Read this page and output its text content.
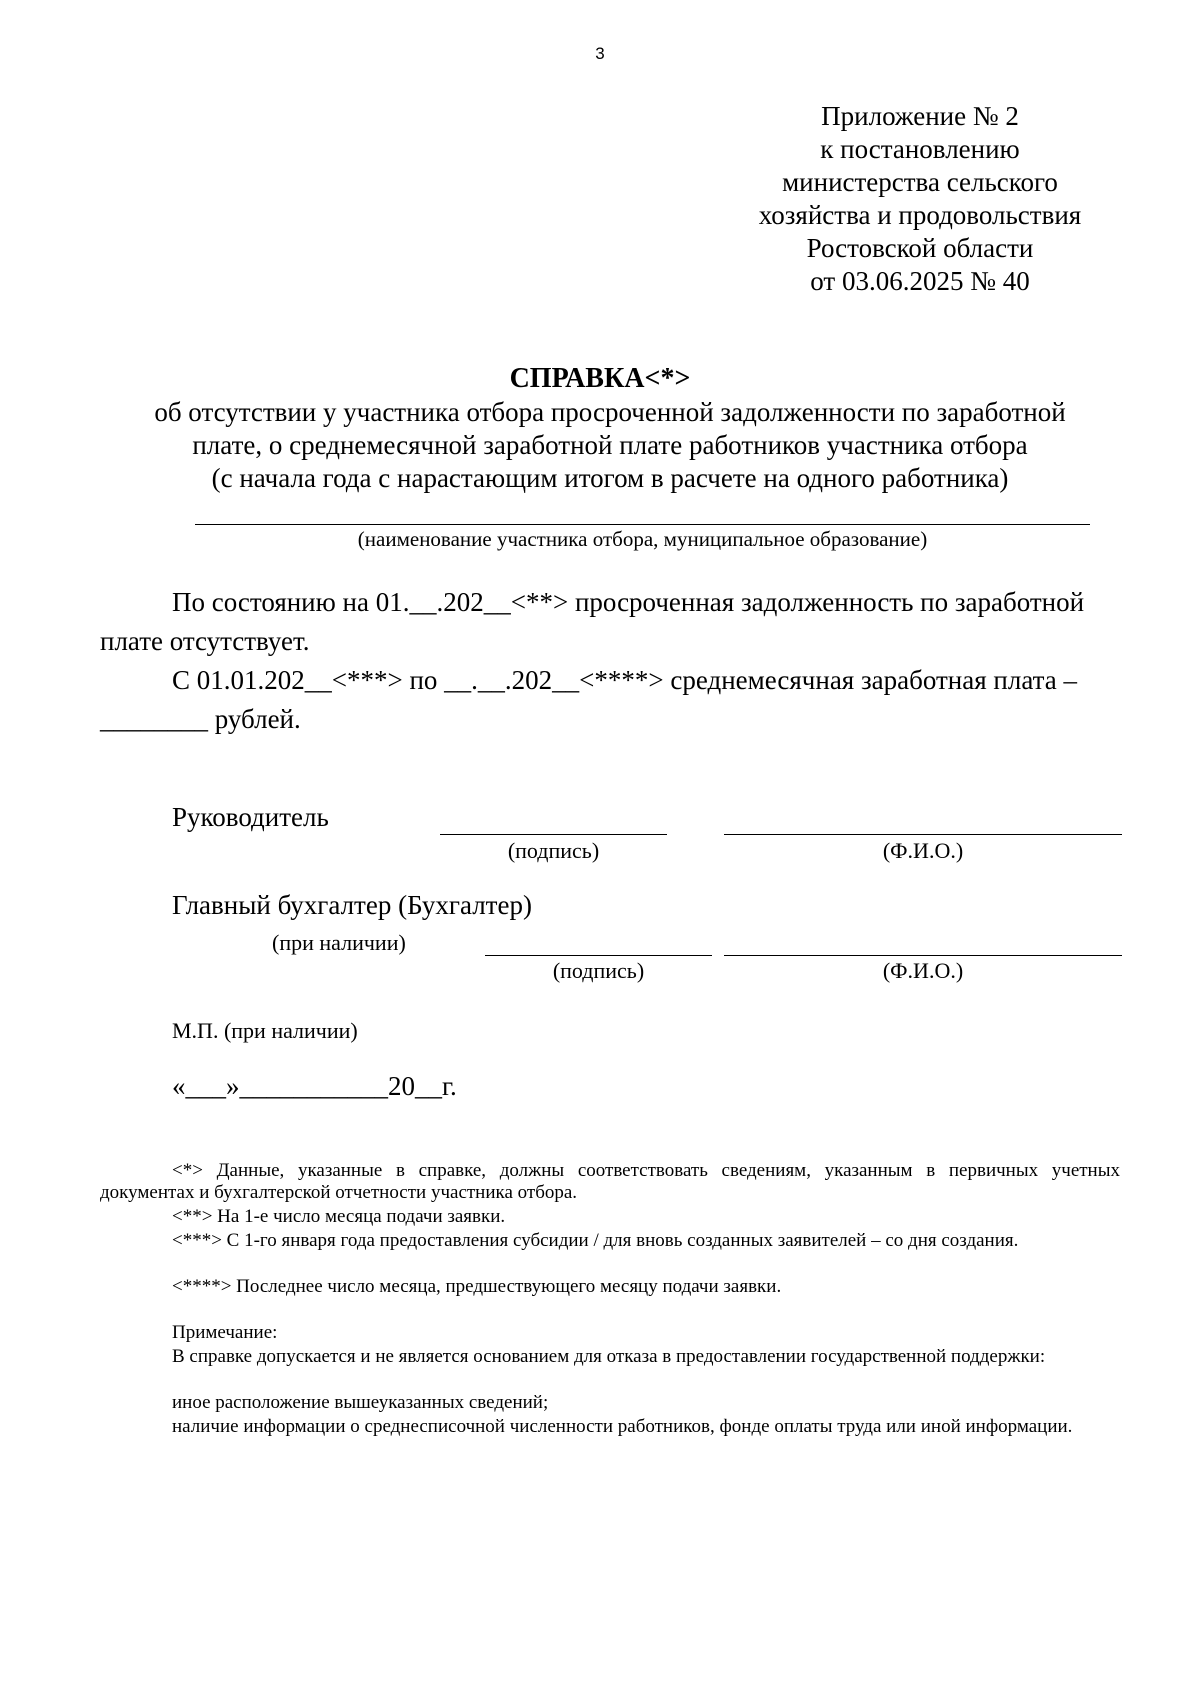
3
Приложение № 2
к постановлению
министерства сельского
хозяйства и продовольствия
Ростовской области
от 03.06.2025 № 40
СПРАВКА<*>
об отсутствии у участника отбора просроченной задолженности по заработной
плате, о среднемесячной заработной плате работников участника отбора
(с начала года с нарастающим итогом в расчете на одного работника)
(наименование участника отбора, муниципальное образование)
По состоянию на 01.__.202__<**> просроченная задолженность по заработной
плате отсутствует.
С 01.01.202__<***> по __.__.202__<****> среднемесячная заработная плата –
________ рублей.
Руководитель
(подпись)	(Ф.И.О.)
Главный бухгалтер (Бухгалтер)
(при наличии)
(подпись)	(Ф.И.О.)
М.П. (при наличии)
«___»___________20__г.
<*> Данные, указанные в справке, должны соответствовать сведениям, указанным в первичных учетных документах и бухгалтерской отчетности участника отбора.
<**> На 1-е число месяца подачи заявки.
<***> С 1-го января года предоставления субсидии / для вновь созданных заявителей – со дня создания.
<****> Последнее число месяца, предшествующего месяцу подачи заявки.
Примечание:
В справке допускается и не является основанием для отказа в предоставлении государственной поддержки:
иное расположение вышеуказанных сведений;
наличие информации о среднесписочной численности работников, фонде оплаты труда или иной информации.
